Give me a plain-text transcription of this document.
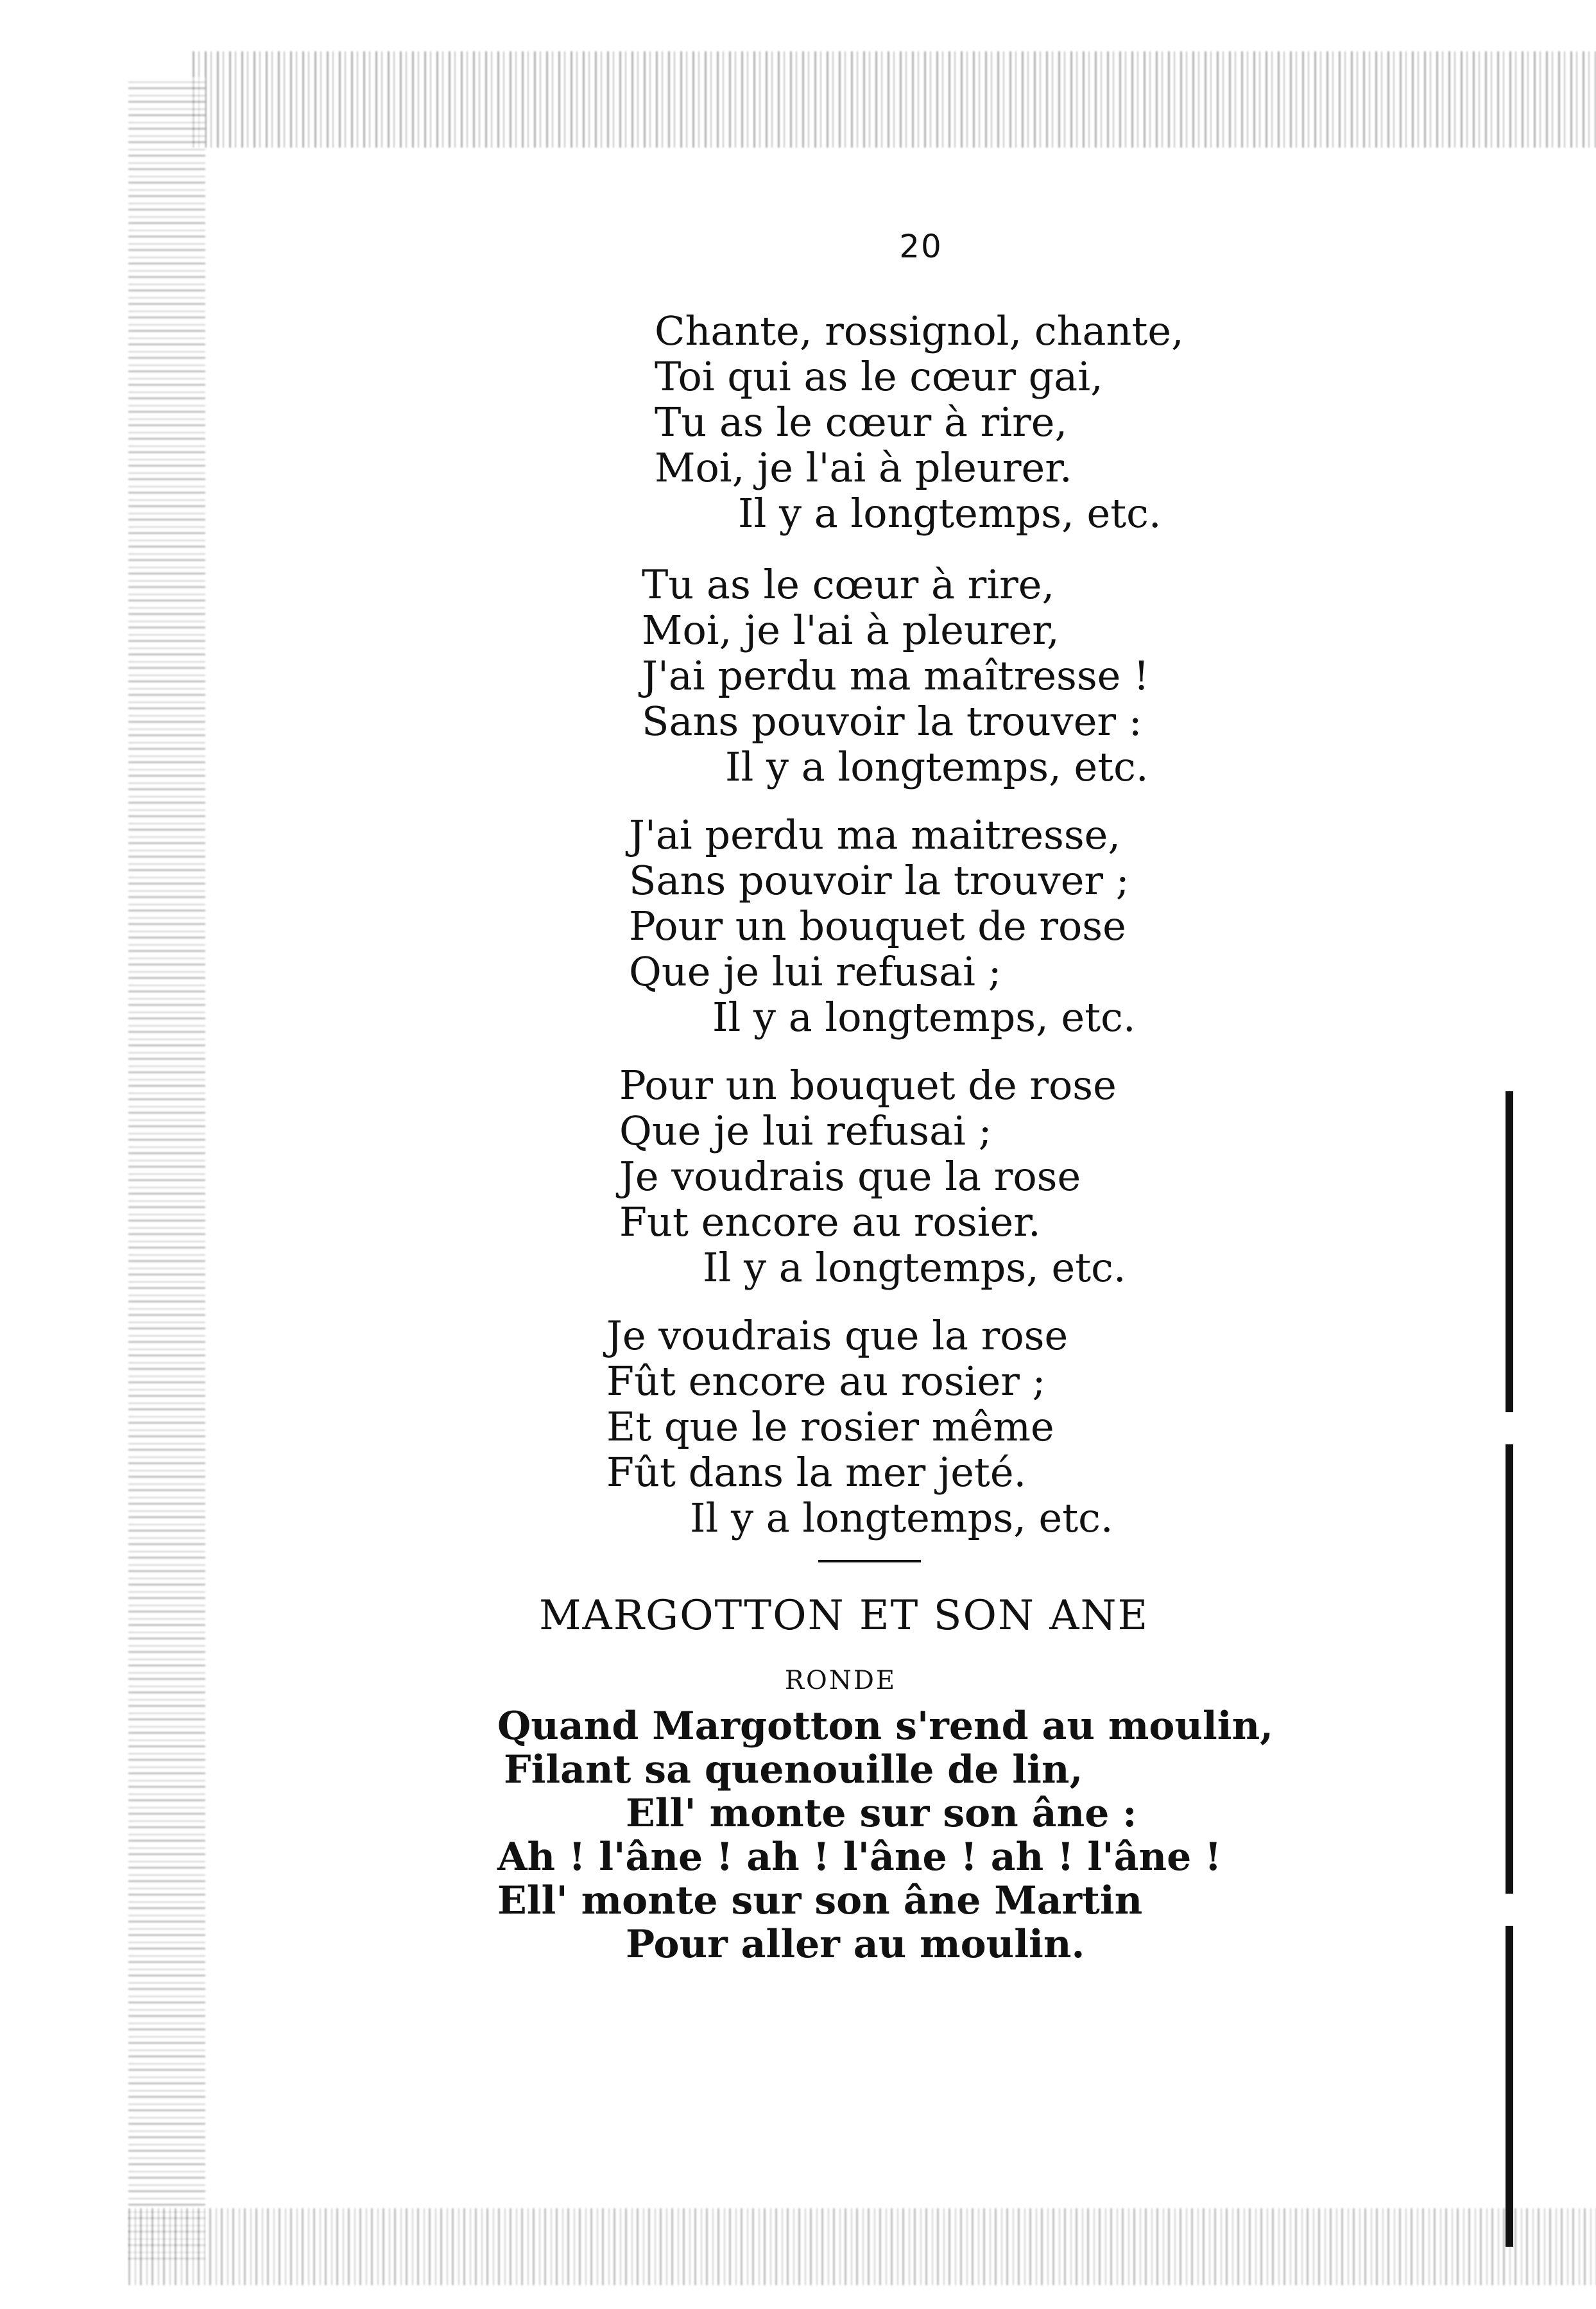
20
Chante, rossignol, chante,
Toi qui as le cœur gai,
Tu as le cœur à rire,
Moi, je l'ai à pleurer.
Il y a longtemps, etc.
Tu as le cœur à rire,
Moi, je l'ai à pleurer,
J'ai perdu ma maîtresse !
Sans pouvoir la trouver :
Il y a longtemps, etc.
J'ai perdu ma maitresse,
Sans pouvoir la trouver ;
Pour un bouquet de rose
Que je lui refusai ;
Il y a longtemps, etc.
Pour un bouquet de rose
Que je lui refusai ;
Je voudrais que la rose
Fut encore au rosier.
Il y a longtemps, etc.
Je voudrais que la rose
Fût encore au rosier ;
Et que le rosier même
Fût dans la mer jeté.
Il y a longtemps, etc.
MARGOTTON ET SON ANE
RONDE
Quand Margotton s'rend au moulin,
Filant sa quenouille de lin,
Ell' monte sur son âne :
Ah ! l'âne ! ah ! l'âne ! ah ! l'âne !
Ell' monte sur son âne Martin
Pour aller au moulin.
